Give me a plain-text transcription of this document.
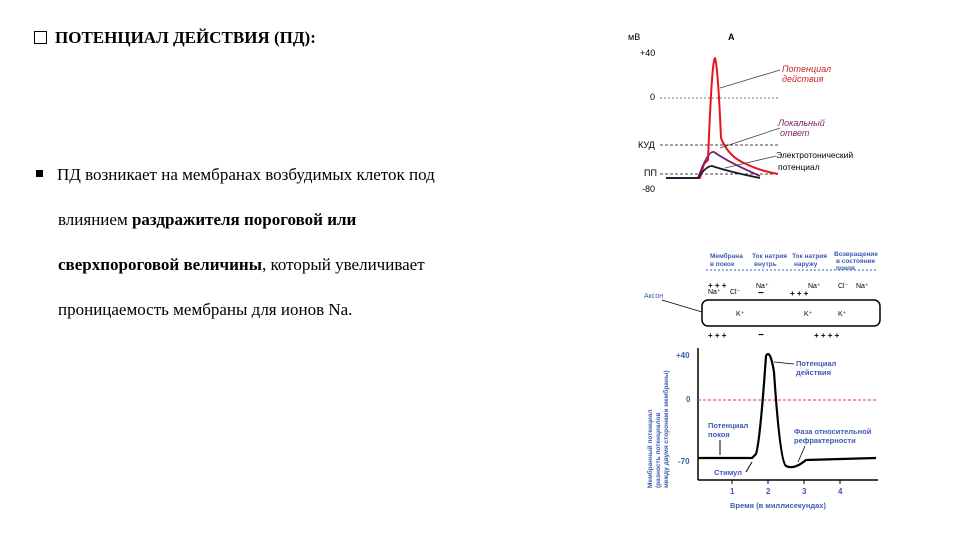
ПОТЕНЦИАЛ ДЕЙСТВИЯ (ПД):
ПД возникает на мембранах возбудимых клеток под
влиянием раздражителя пороговой или
сверхпороговой величины, который увеличивает
проницаемость мембраны для ионов Na.
мВ	А
+40
0
КУД
ПП
-80
Потенциал
действия
Локальный
ответ
Электротонический
потенциал
Мембрана
в покое
Ток натрия
внутрь
Ток натрия
наружу
Возвращение
в состояние
покоя
Аксон
+ + +
+ + +
−
−
+ + +
+ + + +
Na⁺ Cl⁻
Na⁺	Na⁺ Cl⁻ Na⁺
K⁺	K⁺	K⁺
Мембранный потенциал (разность потенциалов между двумя сторонами мембраны)
+40
0
-70
1	2	3	4
Время (в миллисекундах)
Потенциал
действия
Потенциал
покоя	Фаза относительной
рефрактерности
Стимул
